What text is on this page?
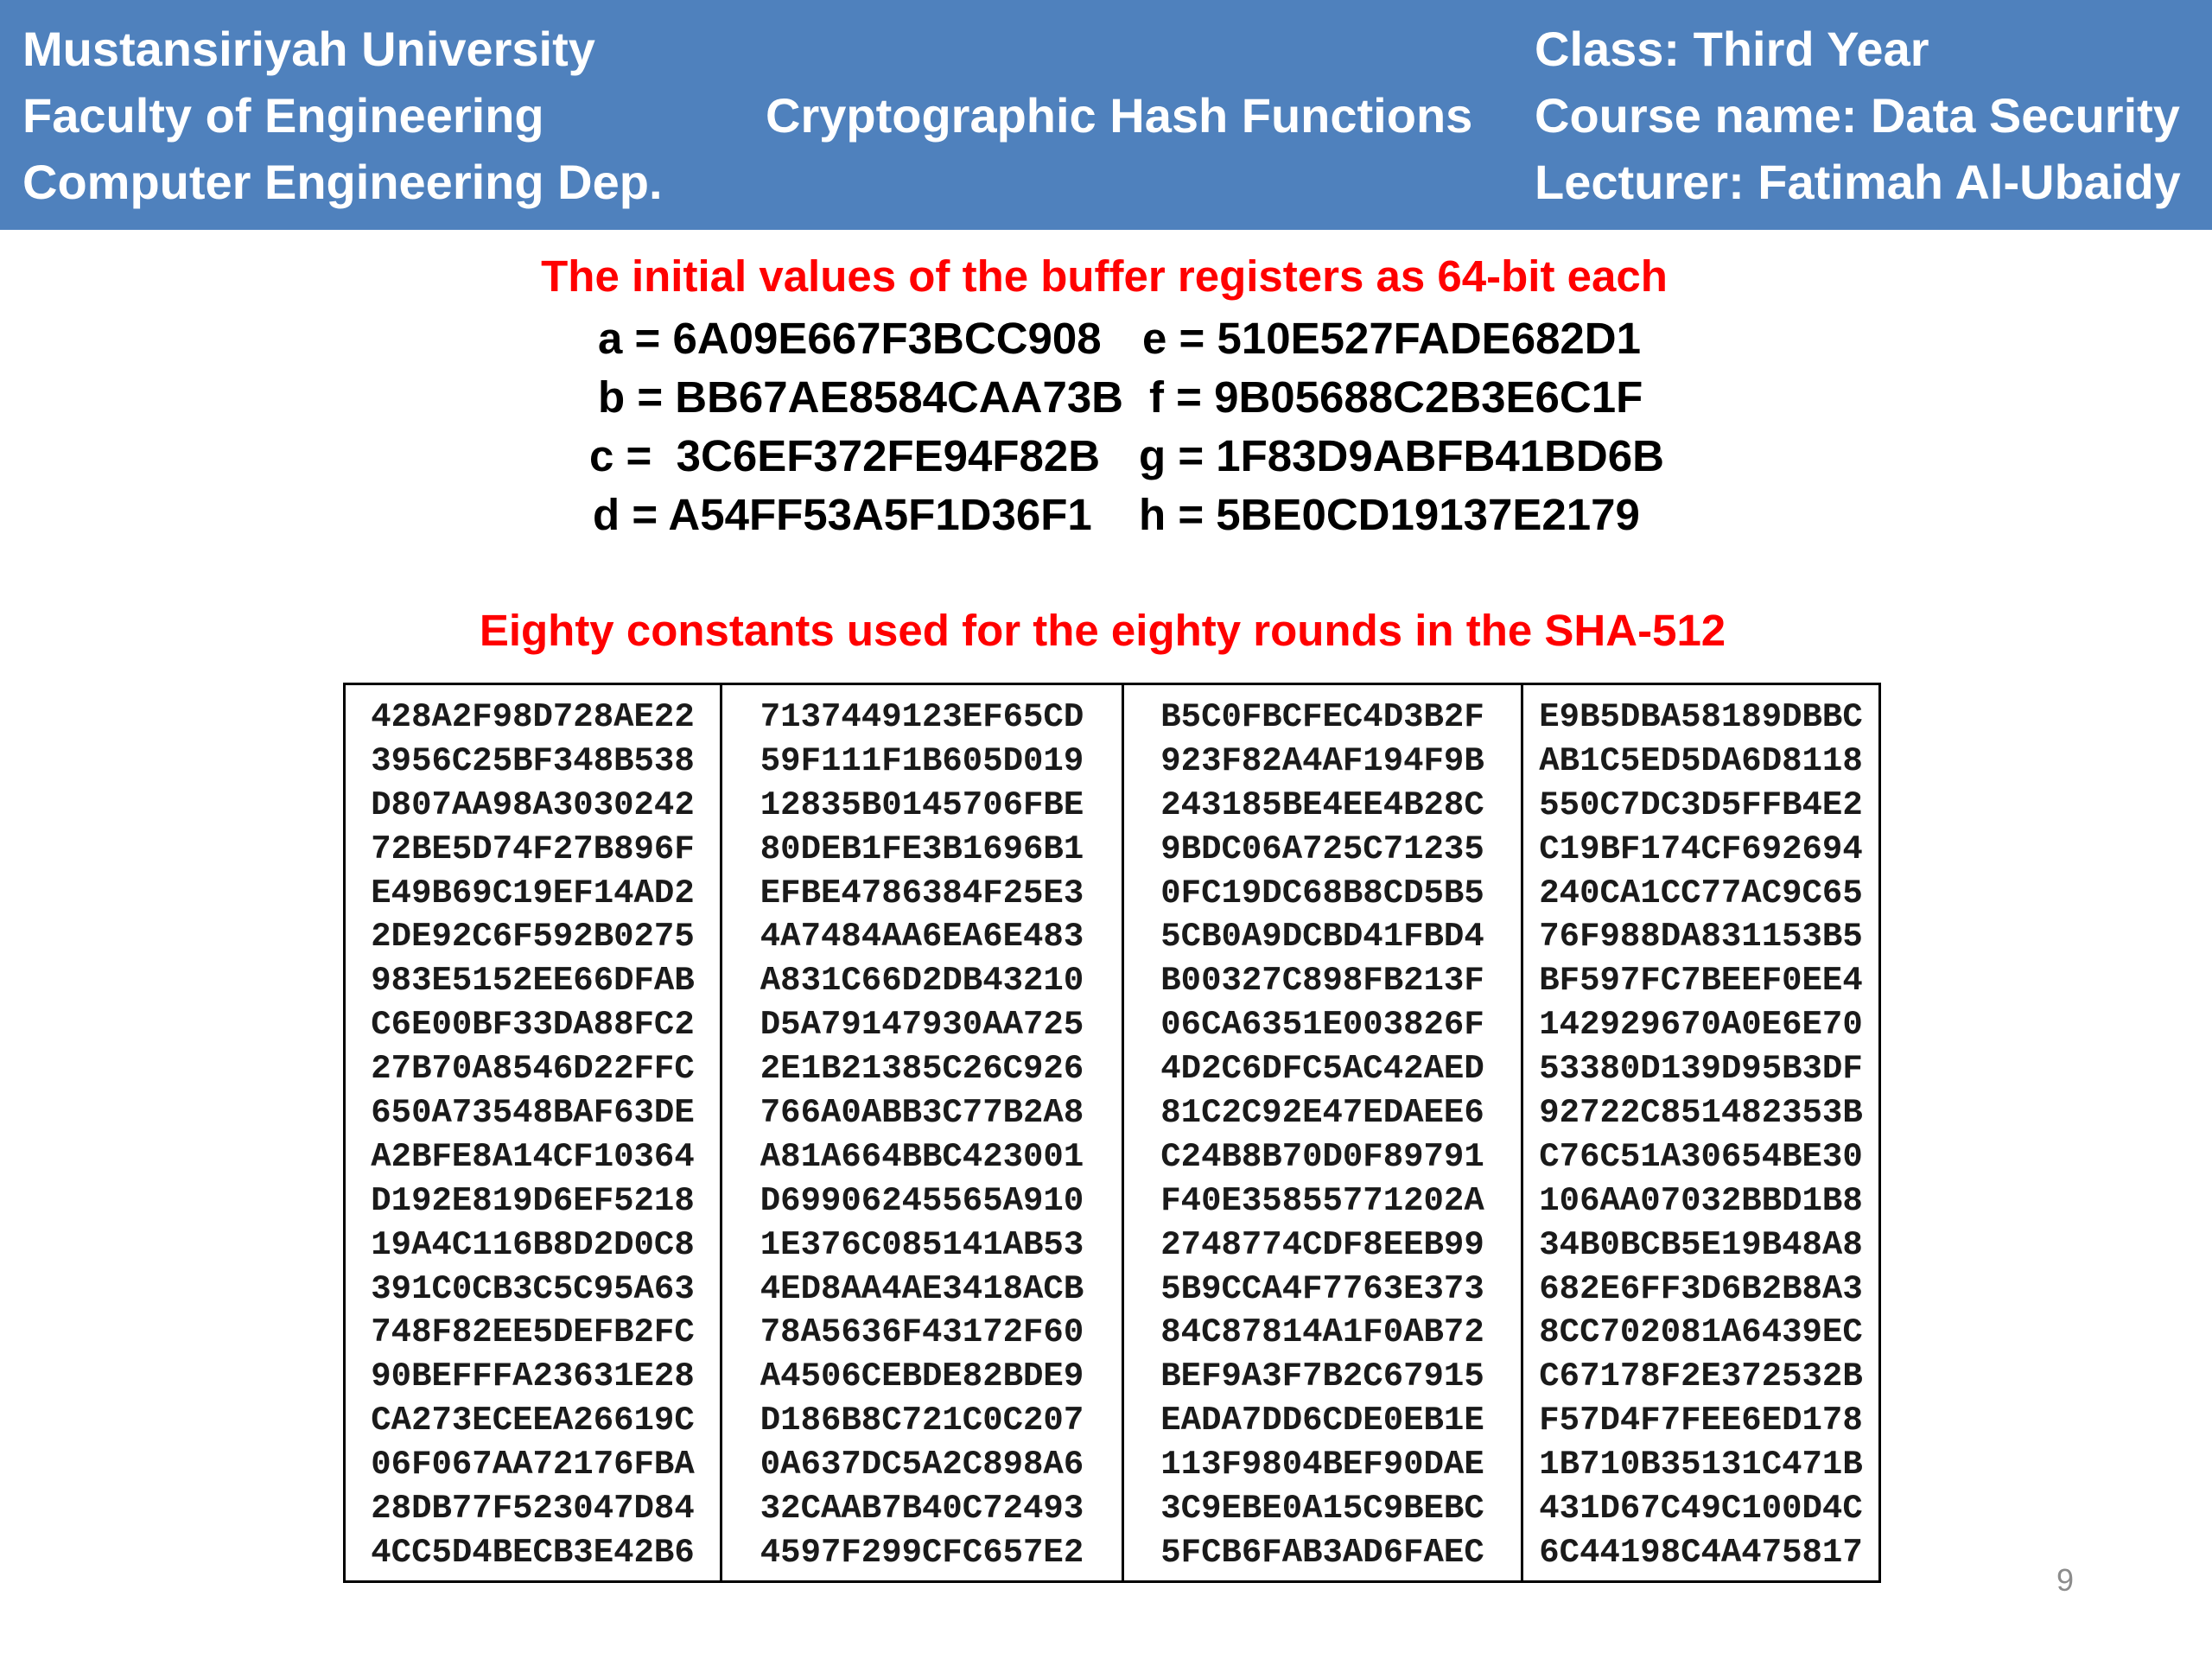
Mustansiriyah University
Faculty of Engineering
Computer Engineering Dep.
Cryptographic Hash Functions
Class: Third Year
Course name: Data Security
Lecturer: Fatimah Al-Ubaidy
The initial values of the buffer registers as 64-bit each
a = 6A09E667F3BCC908
b = BB67AE8584CAA73B
c =  3C6EF372FE94F82B
d = A54FF53A5F1D36F1
e = 510E527FADE682D1
f = 9B05688C2B3E6C1F
g = 1F83D9ABFB41BD6B
h = 5BE0CD19137E2179
Eighty constants used for the eighty rounds in the SHA-512
428A2F98D728AE22
3956C25BF348B538
D807AA98A3030242
72BE5D74F27B896F
E49B69C19EF14AD2
2DE92C6F592B0275
983E5152EE66DFAB
C6E00BF33DA88FC2
27B70A8546D22FFC
650A73548BAF63DE
A2BFE8A14CF10364
D192E819D6EF5218
19A4C116B8D2D0C8
391C0CB3C5C95A63
748F82EE5DEFB2FC
90BEFFFA23631E28
CA273ECEEA26619C
06F067AA72176FBA
28DB77F523047D84
4CC5D4BECB3E42B6
7137449123EF65CD
59F111F1B605D019
12835B0145706FBE
80DEB1FE3B1696B1
EFBE4786384F25E3
4A7484AA6EA6E483
A831C66D2DB43210
D5A79147930AA725
2E1B21385C26C926
766A0ABB3C77B2A8
A81A664BBC423001
D69906245565A910
1E376C085141AB53
4ED8AA4AE3418ACB
78A5636F43172F60
A4506CEBDE82BDE9
D186B8C721C0C207
0A637DC5A2C898A6
32CAAB7B40C72493
4597F299CFC657E2
B5C0FBCFEC4D3B2F
923F82A4AF194F9B
243185BE4EE4B28C
9BDC06A725C71235
0FC19DC68B8CD5B5
5CB0A9DCBD41FBD4
B00327C898FB213F
06CA6351E003826F
4D2C6DFC5AC42AED
81C2C92E47EDAEE6
C24B8B70D0F89791
F40E35855771202A
2748774CDF8EEB99
5B9CCA4F7763E373
84C87814A1F0AB72
BEF9A3F7B2C67915
EADA7DD6CDE0EB1E
113F9804BEF90DAE
3C9EBE0A15C9BEBC
5FCB6FAB3AD6FAEC
E9B5DBA58189DBBC
AB1C5ED5DA6D8118
550C7DC3D5FFB4E2
C19BF174CF692694
240CA1CC77AC9C65
76F988DA831153B5
BF597FC7BEEF0EE4
142929670A0E6E70
53380D139D95B3DF
92722C851482353B
C76C51A30654BE30
106AA07032BBD1B8
34B0BCB5E19B48A8
682E6FF3D6B2B8A3
8CC702081A6439EC
C67178F2E372532B
F57D4F7FEE6ED178
1B710B35131C471B
431D67C49C100D4C
6C44198C4A475817
9
